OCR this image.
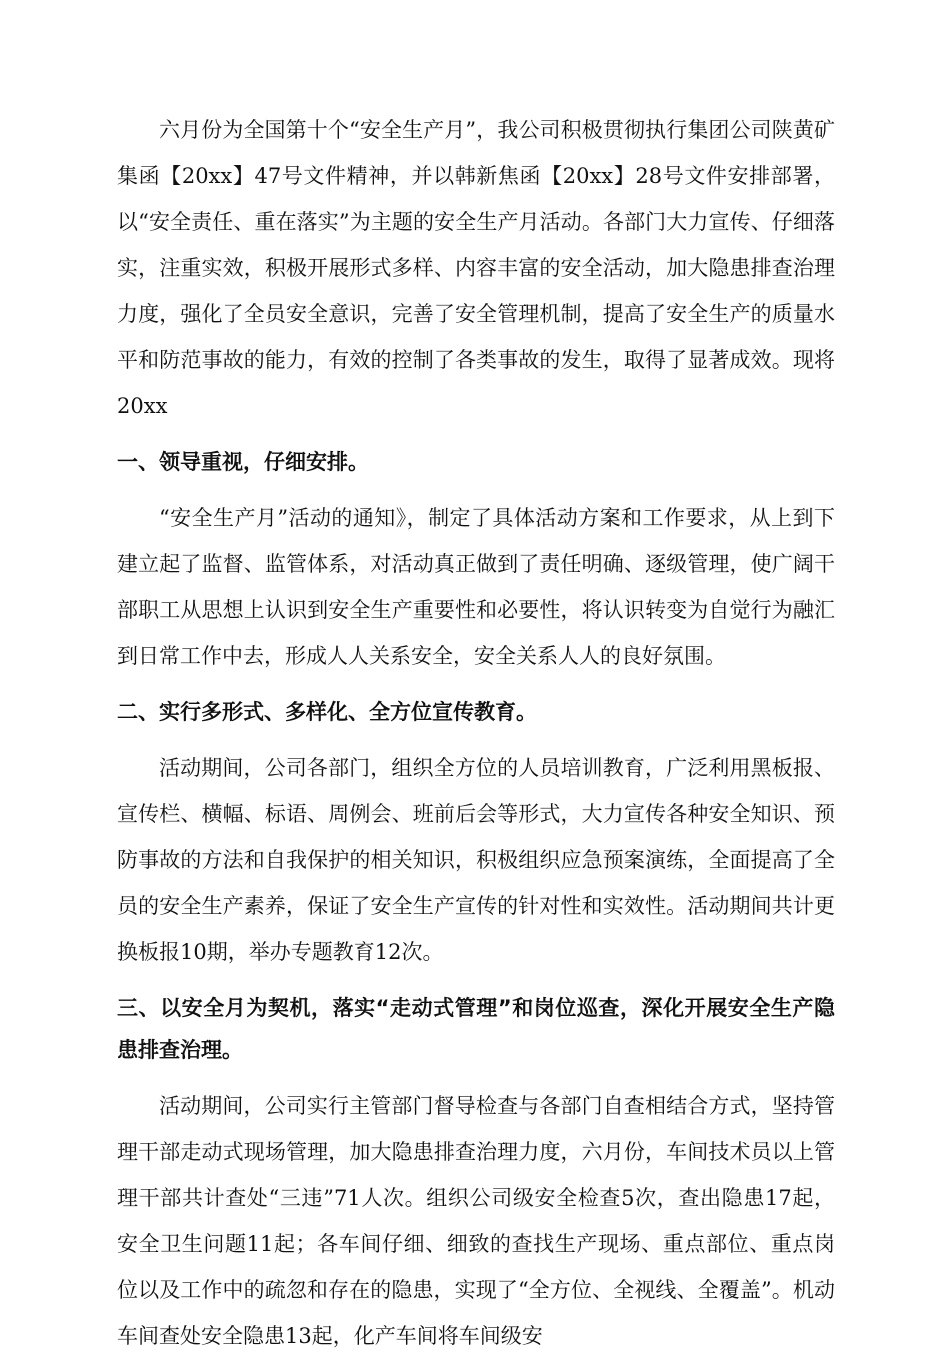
六月份为全国第十个“安全生产月”，我公司积极贯彻执行集团公司陕黄矿集函【20xx】47号文件精神，并以韩新焦函【20xx】28号文件安排部署，以“安全责任、重在落实”为主题的安全生产月活动。各部门大力宣传、仔细落实，注重实效，积极开展形式多样、内容丰富的安全活动，加大隐患排查治理力度，强化了全员安全意识，完善了安全管理机制，提高了安全生产的质量水平和防范事故的能力，有效的控制了各类事故的发生，取得了显著成效。现将20xx

一、领导重视，仔细安排。

“安全生产月”活动的通知》，制定了具体活动方案和工作要求，从上到下建立起了监督、监管体系，对活动真正做到了责任明确、逐级管理，使广阔干部职工从思想上认识到安全生产重要性和必要性，将认识转变为自觉行为融汇到日常工作中去，形成人人关系安全，安全关系人人的良好氛围。

二、实行多形式、多样化、全方位宣传教育。

活动期间，公司各部门，组织全方位的人员培训教育，广泛利用黑板报、宣传栏、横幅、标语、周例会、班前后会等形式，大力宣传各种安全知识、预防事故的方法和自我保护的相关知识，积极组织应急预案演练，全面提高了全员的安全生产素养，保证了安全生产宣传的针对性和实效性。活动期间共计更换板报10期，举办专题教育12次。

三、以安全月为契机，落实“走动式管理”和岗位巡查，深化开展安全生产隐患排查治理。

活动期间，公司实行主管部门督导检查与各部门自查相结合方式，坚持管理干部走动式现场管理，加大隐患排查治理力度，六月份，车间技术员以上管理干部共计查处“三违”71人次。组织公司级安全检查5次，查出隐患17起，安全卫生问题11起；各车间仔细、细致的查找生产现场、重点部位、重点岗位以及工作中的疏忽和存在的隐患，实现了“全方位、全视线、全覆盖”。机动车间查处安全隐患13起，化产车间将车间级安
